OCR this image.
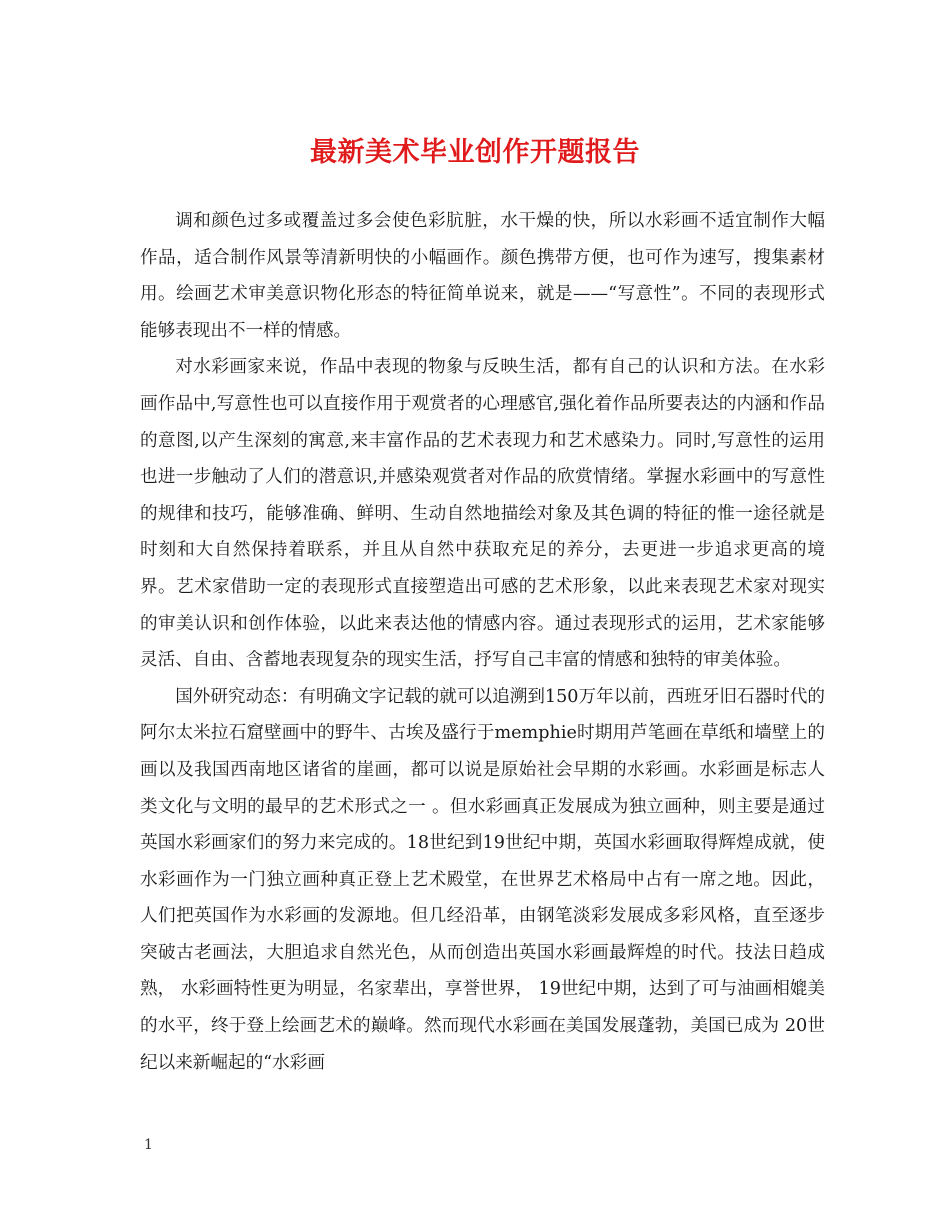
最新美术毕业创作开题报告

调和颜色过多或覆盖过多会使色彩肮脏，水干燥的快，所以水彩画不适宜制作大幅作品，适合制作风景等清新明快的小幅画作。颜色携带方便，也可作为速写，搜集素材用。绘画艺术审美意识物化形态的特征简单说来，就是——“写意性”。不同的表现形式能够表现出不一样的情感。

对水彩画家来说，作品中表现的物象与反映生活，都有自己的认识和方法。在水彩画作品中,写意性也可以直接作用于观赏者的心理感官,强化着作品所要表达的内涵和作品的意图,以产生深刻的寓意,来丰富作品的艺术表现力和艺术感染力。同时,写意性的运用也进一步触动了人们的潜意识,并感染观赏者对作品的欣赏情绪。掌握水彩画中的写意性的规律和技巧，能够准确、鲜明、生动自然地描绘对象及其色调的特征的惟一途径就是时刻和大自然保持着联系，并且从自然中获取充足的养分，去更进一步追求更高的境界。艺术家借助一定的表现形式直接塑造出可感的艺术形象，以此来表现艺术家对现实的审美认识和创作体验，以此来表达他的情感内容。通过表现形式的运用，艺术家能够灵活、自由、含蓄地表现复杂的现实生活，抒写自己丰富的情感和独特的审美体验。

国外研究动态：有明确文字记载的就可以追溯到150万年以前，西班牙旧石器时代的阿尔太米拉石窟壁画中的野牛、古埃及盛行于memphie时期用芦笔画在草纸和墙壁上的画以及我国西南地区诸省的崖画，都可以说是原始社会早期的水彩画。水彩画是标志人类文化与文明的最早的艺术形式之一 。但水彩画真正发展成为独立画种，则主要是通过英国水彩画家们的努力来完成的。18世纪到19世纪中期，英国水彩画取得辉煌成就，使水彩画作为一门独立画种真正登上艺术殿堂，在世界艺术格局中占有一席之地。因此，人们把英国作为水彩画的发源地。但几经沿革，由钢笔淡彩发展成多彩风格，直至逐步突破古老画法，大胆追求自然光色，从而创造出英国水彩画最辉煌的时代。技法日趋成熟， 水彩画特性更为明显，名家辈出，享誉世界， 19世纪中期，达到了可与油画相媲美的水平，终于登上绘画艺术的巅峰。然而现代水彩画在美国发展蓬勃，美国已成为 20世纪以来新崛起的“水彩画

1
